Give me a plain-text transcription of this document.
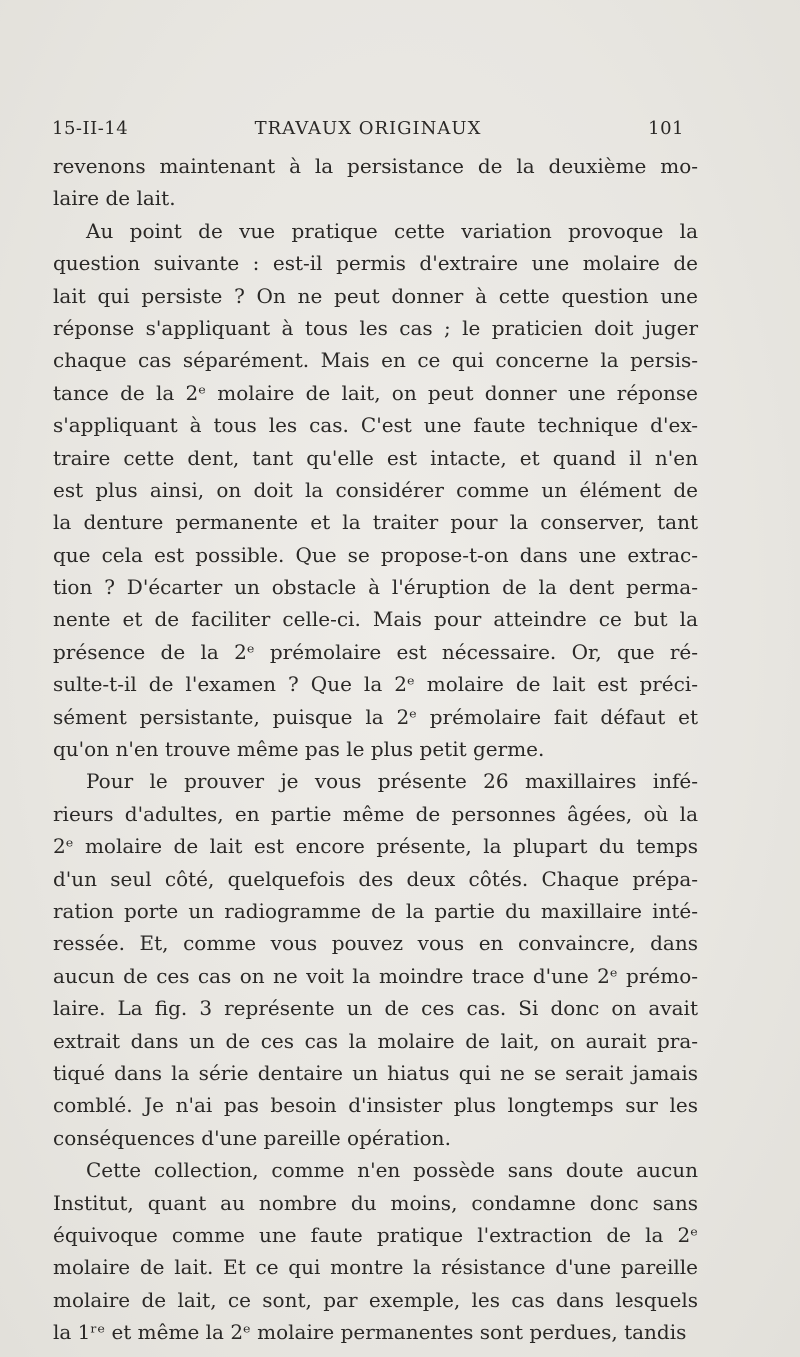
15-II-14	TRAVAUX ORIGINAUX	101
revenons maintenant à la persistance de la deuxième mo-
laire de lait.
Au point de vue pratique cette variation provoque la
question suivante : est-il permis d'extraire une molaire de
lait qui persiste ? On ne peut donner à cette question une
réponse s'appliquant à tous les cas ; le praticien doit juger
chaque cas séparément. Mais en ce qui concerne la persis-
tance de la 2ᵉ molaire de lait, on peut donner une réponse
s'appliquant à tous les cas. C'est une faute technique d'ex-
traire cette dent, tant qu'elle est intacte, et quand il n'en
est plus ainsi, on doit la considérer comme un élément de
la denture permanente et la traiter pour la conserver, tant
que cela est possible. Que se propose-t-on dans une extrac-
tion ? D'écarter un obstacle à l'éruption de la dent perma-
nente et de faciliter celle-ci. Mais pour atteindre ce but la
présence de la 2ᵉ prémolaire est nécessaire. Or, que ré-
sulte-t-il de l'examen ? Que la 2ᵉ molaire de lait est préci-
sément persistante, puisque la 2ᵉ prémolaire fait défaut et
qu'on n'en trouve même pas le plus petit germe.
Pour le prouver je vous présente 26 maxillaires infé-
rieurs d'adultes, en partie même de personnes âgées, où la
2ᵉ molaire de lait est encore présente, la plupart du temps
d'un seul côté, quelquefois des deux côtés. Chaque prépa-
ration porte un radiogramme de la partie du maxillaire inté-
ressée. Et, comme vous pouvez vous en convaincre, dans
aucun de ces cas on ne voit la moindre trace d'une 2ᵉ prémo-
laire. La fig. 3 représente un de ces cas. Si donc on avait
extrait dans un de ces cas la molaire de lait, on aurait pra-
tiqué dans la série dentaire un hiatus qui ne se serait jamais
comblé. Je n'ai pas besoin d'insister plus longtemps sur les
conséquences d'une pareille opération.
Cette collection, comme n'en possède sans doute aucun
Institut, quant au nombre du moins, condamne donc sans
équivoque comme une faute pratique l'extraction de la 2ᵉ
molaire de lait. Et ce qui montre la résistance d'une pareille
molaire de lait, ce sont, par exemple, les cas dans lesquels
la 1ʳᵉ et même la 2ᵉ molaire permanentes sont perdues, tandis
